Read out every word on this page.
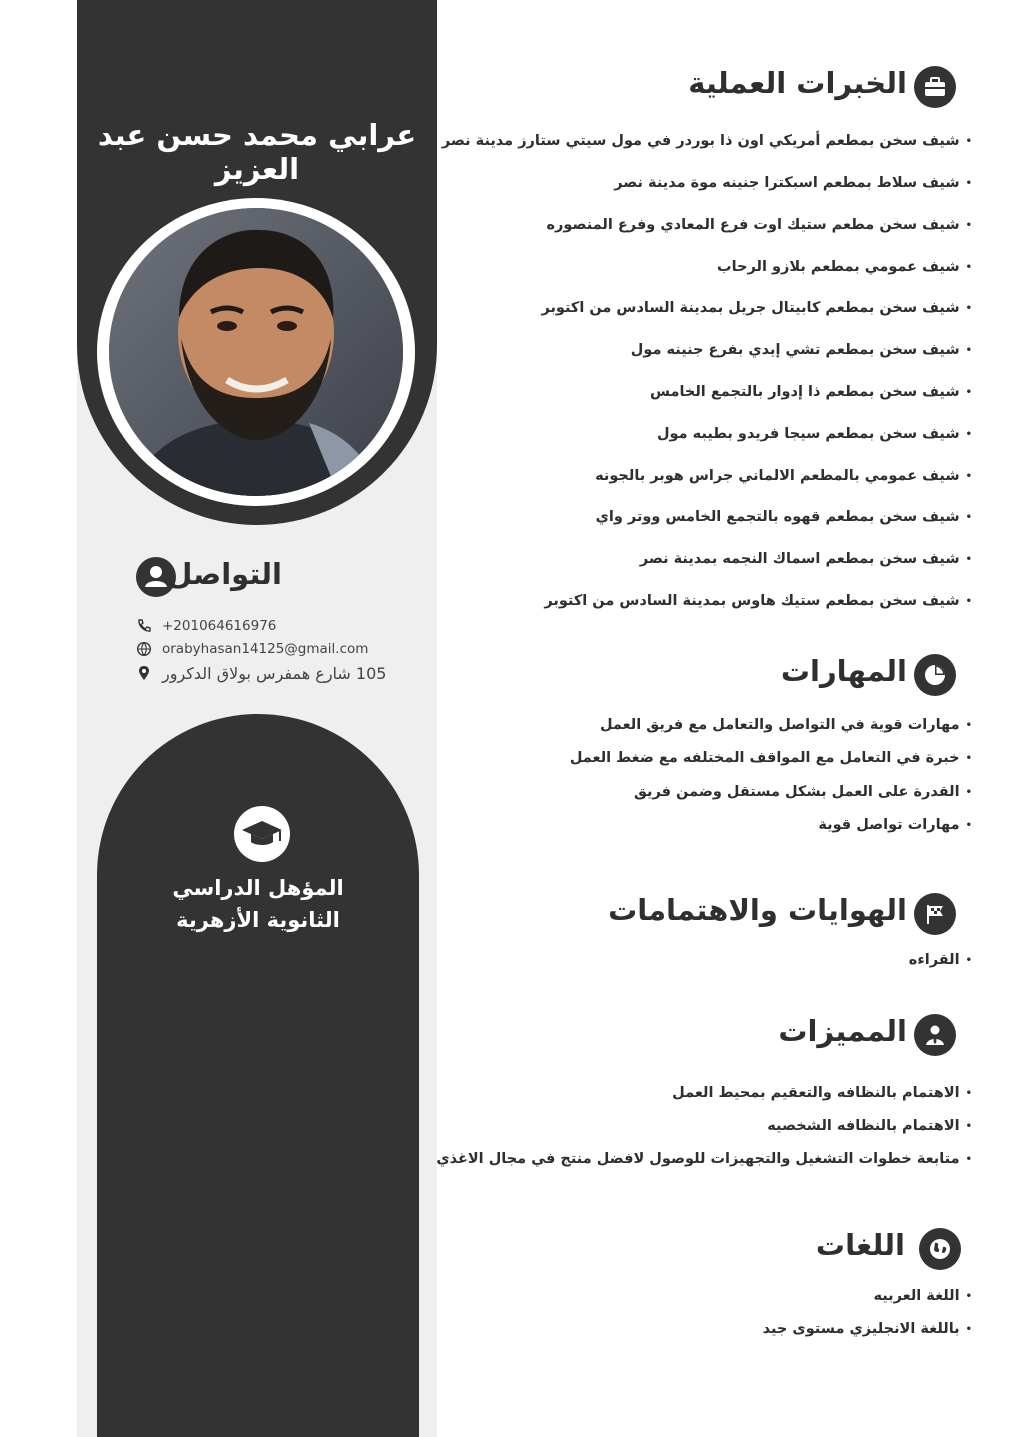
عرابي محمد حسن عبد العزيز
التواصل
+201064616976
orabyhasan14125@gmail.com
105 شارع همفرس بولاق الدكرور
المؤهل الدراسي
الثانوية الأزهرية
الخبرات العملية
• شيف سخن بمطعم أمريكي اون ذا بوردر في مول سيتي ستارز مدينة نصر
• شيف سلاط بمطعم اسبكترا جنينه موة مدينة نصر
• شيف سخن مطعم ستيك اوت فرع المعادي وفرع المنصوره
• شيف عمومي بمطعم بلازو الرحاب
• شيف سخن بمطعم كابيتال جريل بمدينة السادس من اكتوبر
• شيف سخن بمطعم تشي إيدي بفرع جنينه مول
• شيف سخن بمطعم ذا إدوار بالتجمع الخامس
• شيف سخن بمطعم سيجا فريدو بطيبه مول
• شيف عمومي بالمطعم الالماني جراس هوبر بالجونه
• شيف سخن بمطعم قهوه بالتجمع الخامس ووتر واي
• شيف سخن بمطعم اسماك النجمه بمدينة نصر
• شيف سخن بمطعم ستيك هاوس بمدينة السادس من اكتوبر
المهارات
• مهارات قوية في التواصل والتعامل مع فريق العمل
• خبرة في التعامل مع المواقف المختلفه مع ضغط العمل
• القدرة على العمل بشكل مستقل وضمن فريق
• مهارات تواصل قوية
الهوايات والاهتمامات
• القراءه
المميزات
• الاهتمام بالنظافه والتعقيم بمحيط العمل
• الاهتمام بالنظافه الشخصيه
• متابعة خطوات التشغيل والتجهيزات للوصول لافضل منتج في مجال الاغذي
اللغات
• اللغة العربيه
• باللغة الانجليزي مستوى جيد
